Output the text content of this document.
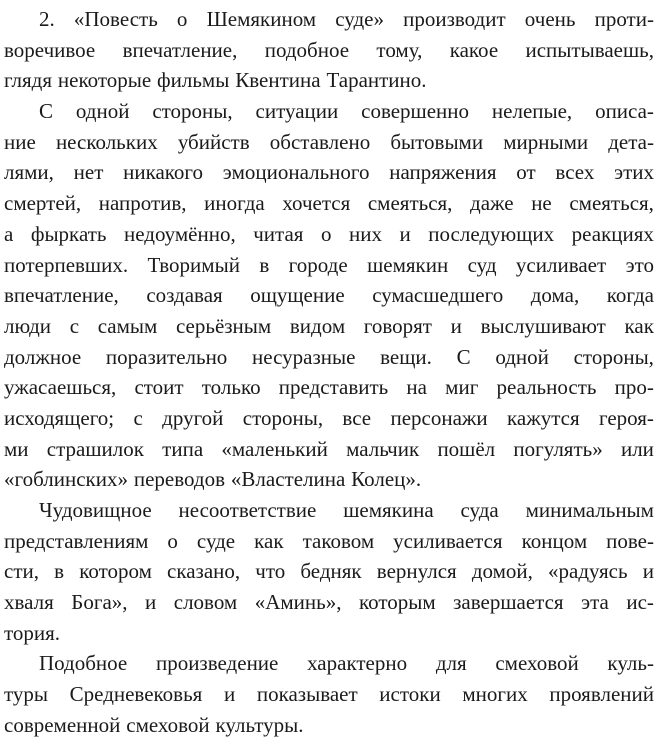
2. «Повесть о Шемякином суде» производит очень проти-
воречивое впечатление, подобное тому, какое испытываешь,
глядя некоторые фильмы Квентина Тарантино.
С одной стороны, ситуации совершенно нелепые, описа-
ние нескольких убийств обставлено бытовыми мирными дета-
лями, нет никакого эмоционального напряжения от всех этих
смертей, напротив, иногда хочется смеяться, даже не смеяться,
а фыркать недоумённо, читая о них и последующих реакциях
потерпевших. Творимый в городе шемякин суд усиливает это
впечатление, создавая ощущение сумасшедшего дома, когда
люди с самым серьёзным видом говорят и выслушивают как
должное поразительно несуразные вещи. С одной стороны,
ужасаешься, стоит только представить на миг реальность про-
исходящего; с другой стороны, все персонажи кажутся героя-
ми страшилок типа «маленький мальчик пошёл погулять» или
«гоблинских» переводов «Властелина Колец».
Чудовищное несоответствие шемякина суда минимальным
представлениям о суде как таковом усиливается концом пове-
сти, в котором сказано, что бедняк вернулся домой, «радуясь и
хваля Бога», и словом «Аминь», которым завершается эта ис-
тория.
Подобное произведение характерно для смеховой куль-
туры Средневековья и показывает истоки многих проявлений
современной смеховой культуры.
